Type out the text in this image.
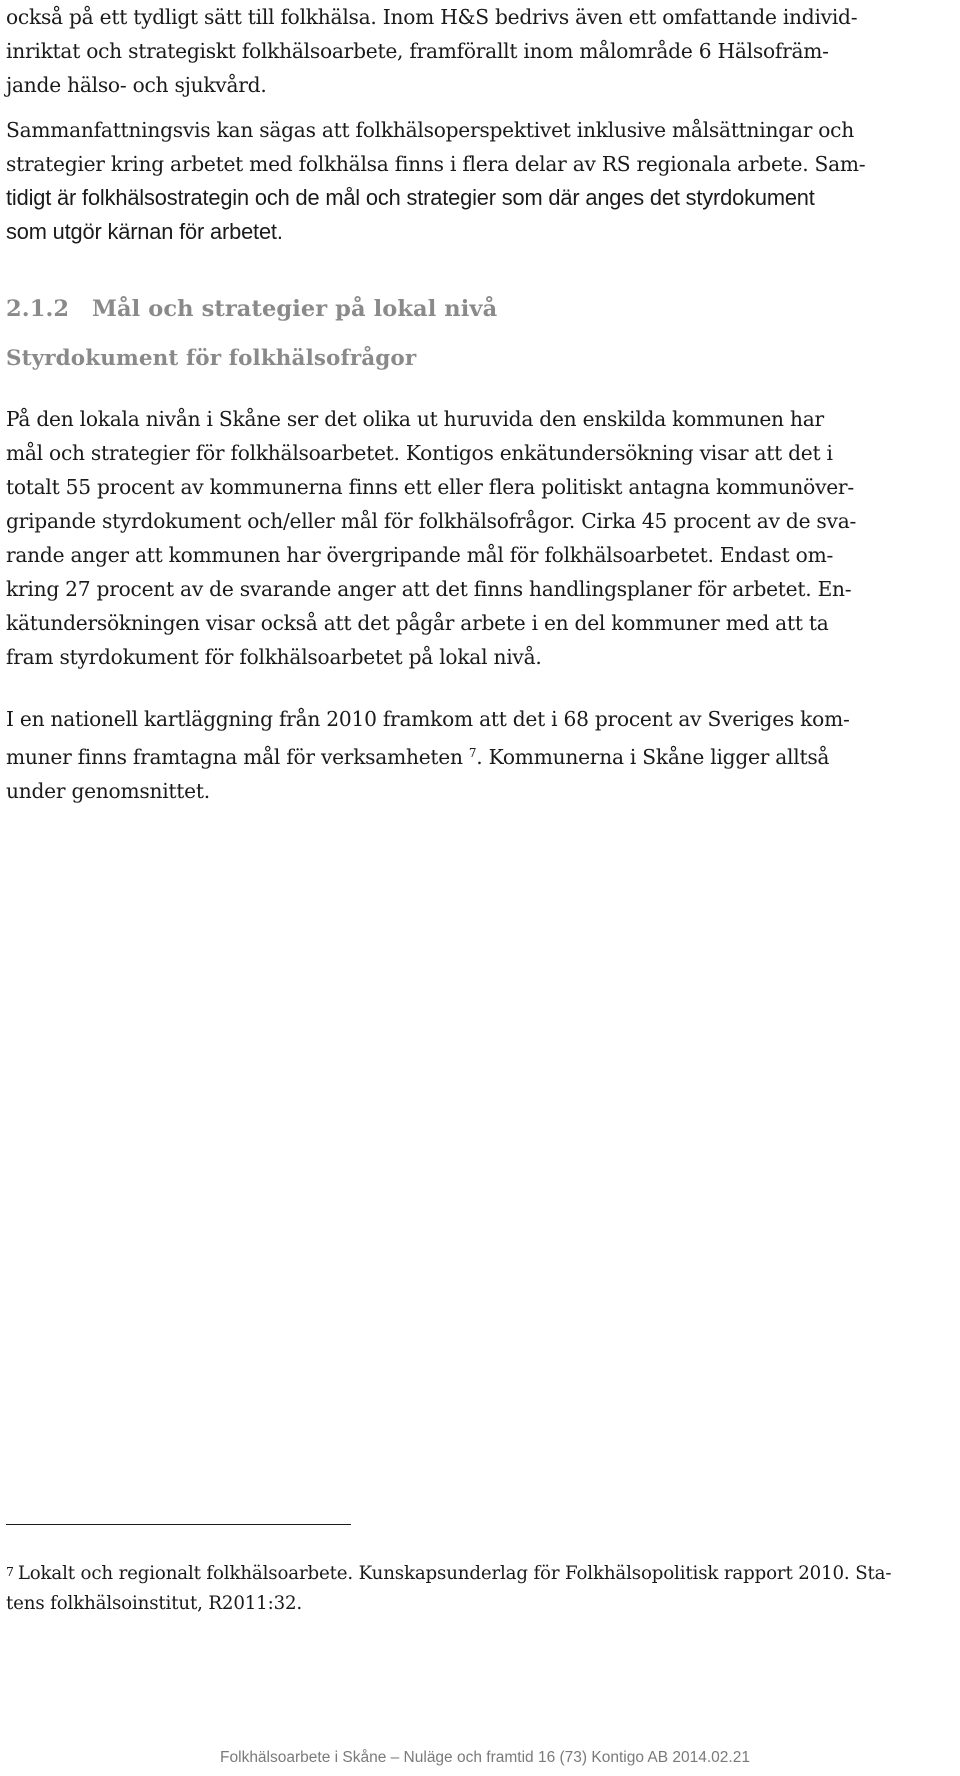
också på ett tydligt sätt till folkhälsa. Inom H&S bedrivs även ett omfattande individ-
inriktat och strategiskt folkhälsoarbete, framförallt inom målområde 6 Hälsofräm-
jande hälso- och sjukvård.
Sammanfattningsvis kan sägas att folkhälsoperspektivet inklusive målsättningar och
strategier kring arbetet med folkhälsa finns i flera delar av RS regionala arbete. Sam-
tidigt är folkhälsostrategin och de mål och strategier som där anges det styrdokument
som utgör kärnan för arbetet.
2.1.2 Mål och strategier på lokal nivå
Styrdokument för folkhälsofrågor
På den lokala nivån i Skåne ser det olika ut huruvida den enskilda kommunen har
mål och strategier för folkhälsoarbetet. Kontigos enkätundersökning visar att det i
totalt 55 procent av kommunerna finns ett eller flera politiskt antagna kommunöver-
gripande styrdokument och/eller mål för folkhälsofrågor. Cirka 45 procent av de sva-
rande anger att kommunen har övergripande mål för folkhälsoarbetet. Endast om-
kring 27 procent av de svarande anger att det finns handlingsplaner för arbetet. En-
kätundersökningen visar också att det pågår arbete i en del kommuner med att ta
fram styrdokument för folkhälsoarbetet på lokal nivå.
I en nationell kartläggning från 2010 framkom att det i 68 procent av Sveriges kom-
muner finns framtagna mål för verksamheten $^7$. Kommunerna i Skåne ligger alltså
under genomsnittet.
7 Lokalt och regionalt folkhälsoarbete. Kunskapsunderlag för Folkhälsopolitisk rapport 2010. Sta-
tens folkhälsoinstitut, R2011:32.
Folkhälsoarbete i Skåne – Nuläge och framtid 16 (73) Kontigo AB 2014.02.21
